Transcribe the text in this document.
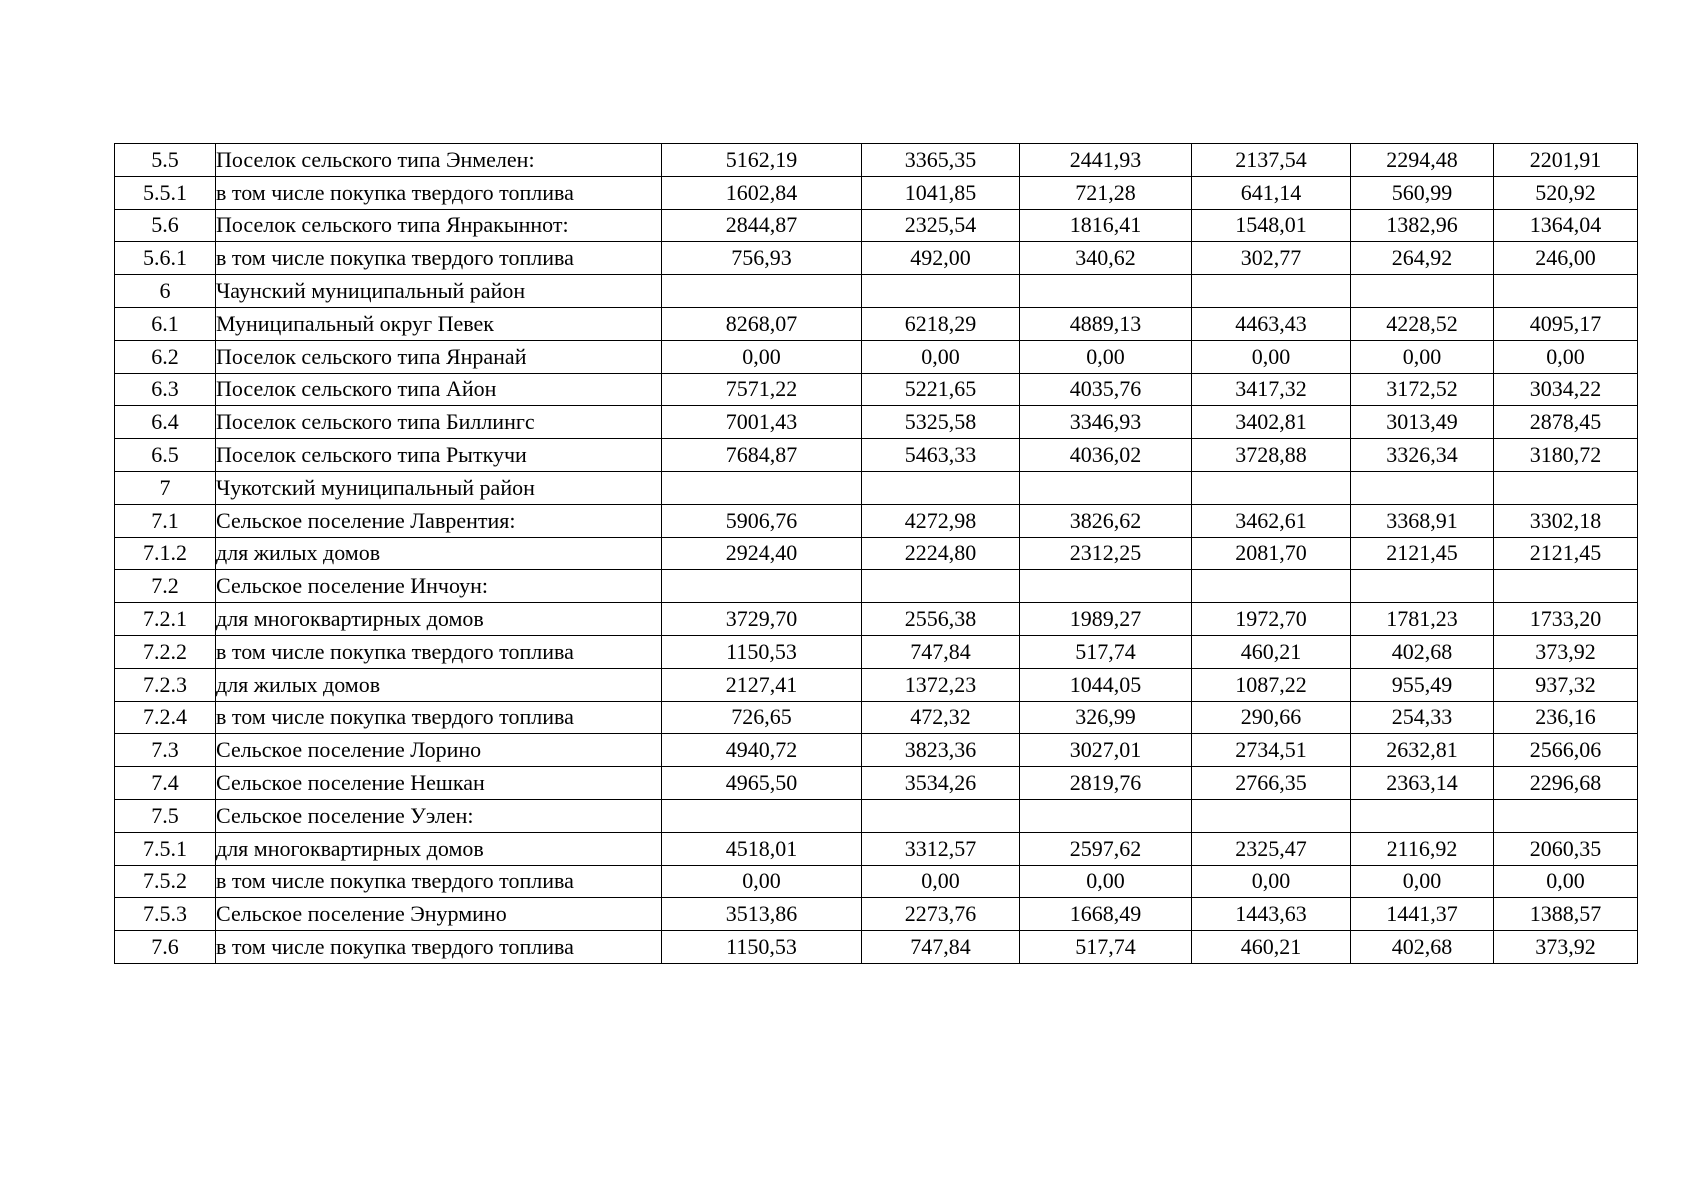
5.5	Поселок сельского типа Энмелен:	5162,19	3365,35	2441,93	2137,54	2294,48	2201,91
5.5.1	в том числе покупка твердого топлива	1602,84	1041,85	721,28	641,14	560,99	520,92
5.6	Поселок сельского типа Янракыннот:	2844,87	2325,54	1816,41	1548,01	1382,96	1364,04
5.6.1	в том числе покупка твердого топлива	756,93	492,00	340,62	302,77	264,92	246,00
6	Чаунский муниципальный район						
6.1	Муниципальный округ Певек	8268,07	6218,29	4889,13	4463,43	4228,52	4095,17
6.2	Поселок сельского типа Янранай	0,00	0,00	0,00	0,00	0,00	0,00
6.3	Поселок сельского типа Айон	7571,22	5221,65	4035,76	3417,32	3172,52	3034,22
6.4	Поселок сельского типа Биллингс	7001,43	5325,58	3346,93	3402,81	3013,49	2878,45
6.5	Поселок сельского типа Рыткучи	7684,87	5463,33	4036,02	3728,88	3326,34	3180,72
7	Чукотский муниципальный район						
7.1	Сельское поселение Лаврентия:	5906,76	4272,98	3826,62	3462,61	3368,91	3302,18
7.1.2	для жилых домов	2924,40	2224,80	2312,25	2081,70	2121,45	2121,45
7.2	Сельское поселение Инчоун:						
7.2.1	для многоквартирных домов	3729,70	2556,38	1989,27	1972,70	1781,23	1733,20
7.2.2	в том числе покупка твердого топлива	1150,53	747,84	517,74	460,21	402,68	373,92
7.2.3	для жилых домов	2127,41	1372,23	1044,05	1087,22	955,49	937,32
7.2.4	в том числе покупка твердого топлива	726,65	472,32	326,99	290,66	254,33	236,16
7.3	Сельское поселение Лорино	4940,72	3823,36	3027,01	2734,51	2632,81	2566,06
7.4	Сельское поселение Нешкан	4965,50	3534,26	2819,76	2766,35	2363,14	2296,68
7.5	Сельское поселение Уэлен:						
7.5.1	для многоквартирных домов	4518,01	3312,57	2597,62	2325,47	2116,92	2060,35
7.5.2	в том числе покупка твердого топлива	0,00	0,00	0,00	0,00	0,00	0,00
7.5.3	Сельское поселение Энурмино	3513,86	2273,76	1668,49	1443,63	1441,37	1388,57
7.6	в том числе покупка твердого топлива	1150,53	747,84	517,74	460,21	402,68	373,92
